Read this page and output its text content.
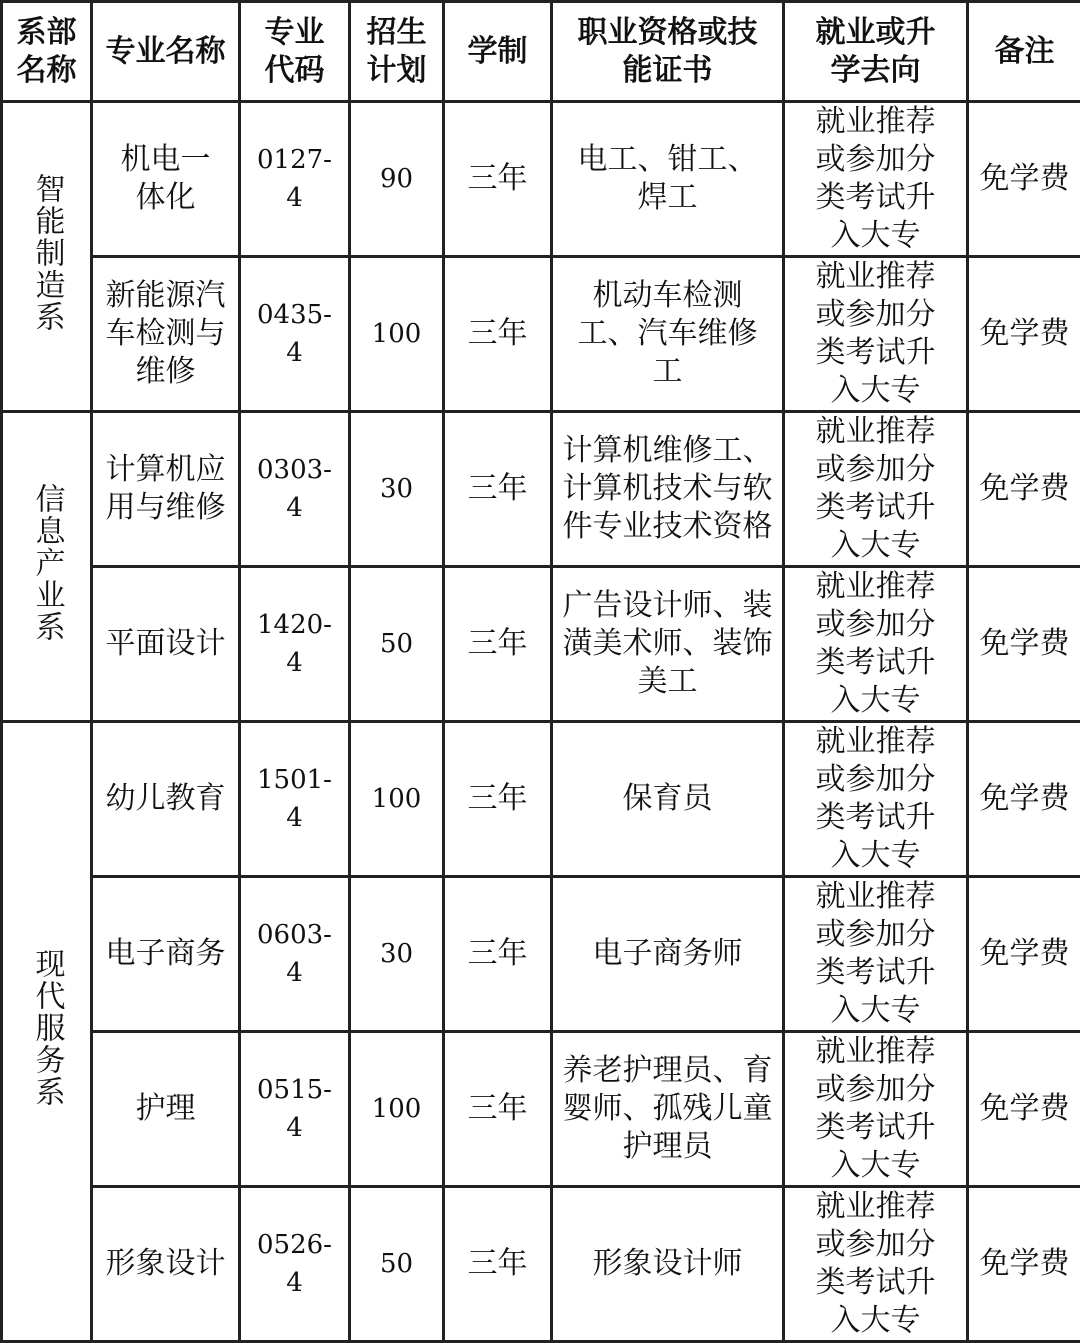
系部名称	专业名称	专业代码	招生计划	学制	职业资格或技能证书	就业或升学去向	备注
智能制造系	机电一体化	0127-4	90	三年	电工、钳工、焊工	就业推荐或参加分类考试升入大专	免学费
	新能源汽车检测与维修	0435-4	100	三年	机动车检测工、汽车维修工	就业推荐或参加分类考试升入大专	免学费
信息产业系	计算机应用与维修	0303-4	30	三年	计算机维修工、计算机技术与软件专业技术资格	就业推荐或参加分类考试升入大专	免学费
	平面设计	1420-4	50	三年	广告设计师、装潢美术师、装饰美工	就业推荐或参加分类考试升入大专	免学费
现代服务系	幼儿教育	1501-4	100	三年	保育员	就业推荐或参加分类考试升入大专	免学费
	电子商务	0603-4	30	三年	电子商务师	就业推荐或参加分类考试升入大专	免学费
	护理	0515-4	100	三年	养老护理员、育婴师、孤残儿童护理员	就业推荐或参加分类考试升入大专	免学费
	形象设计	0526-4	50	三年	形象设计师	就业推荐或参加分类考试升入大专	免学费
